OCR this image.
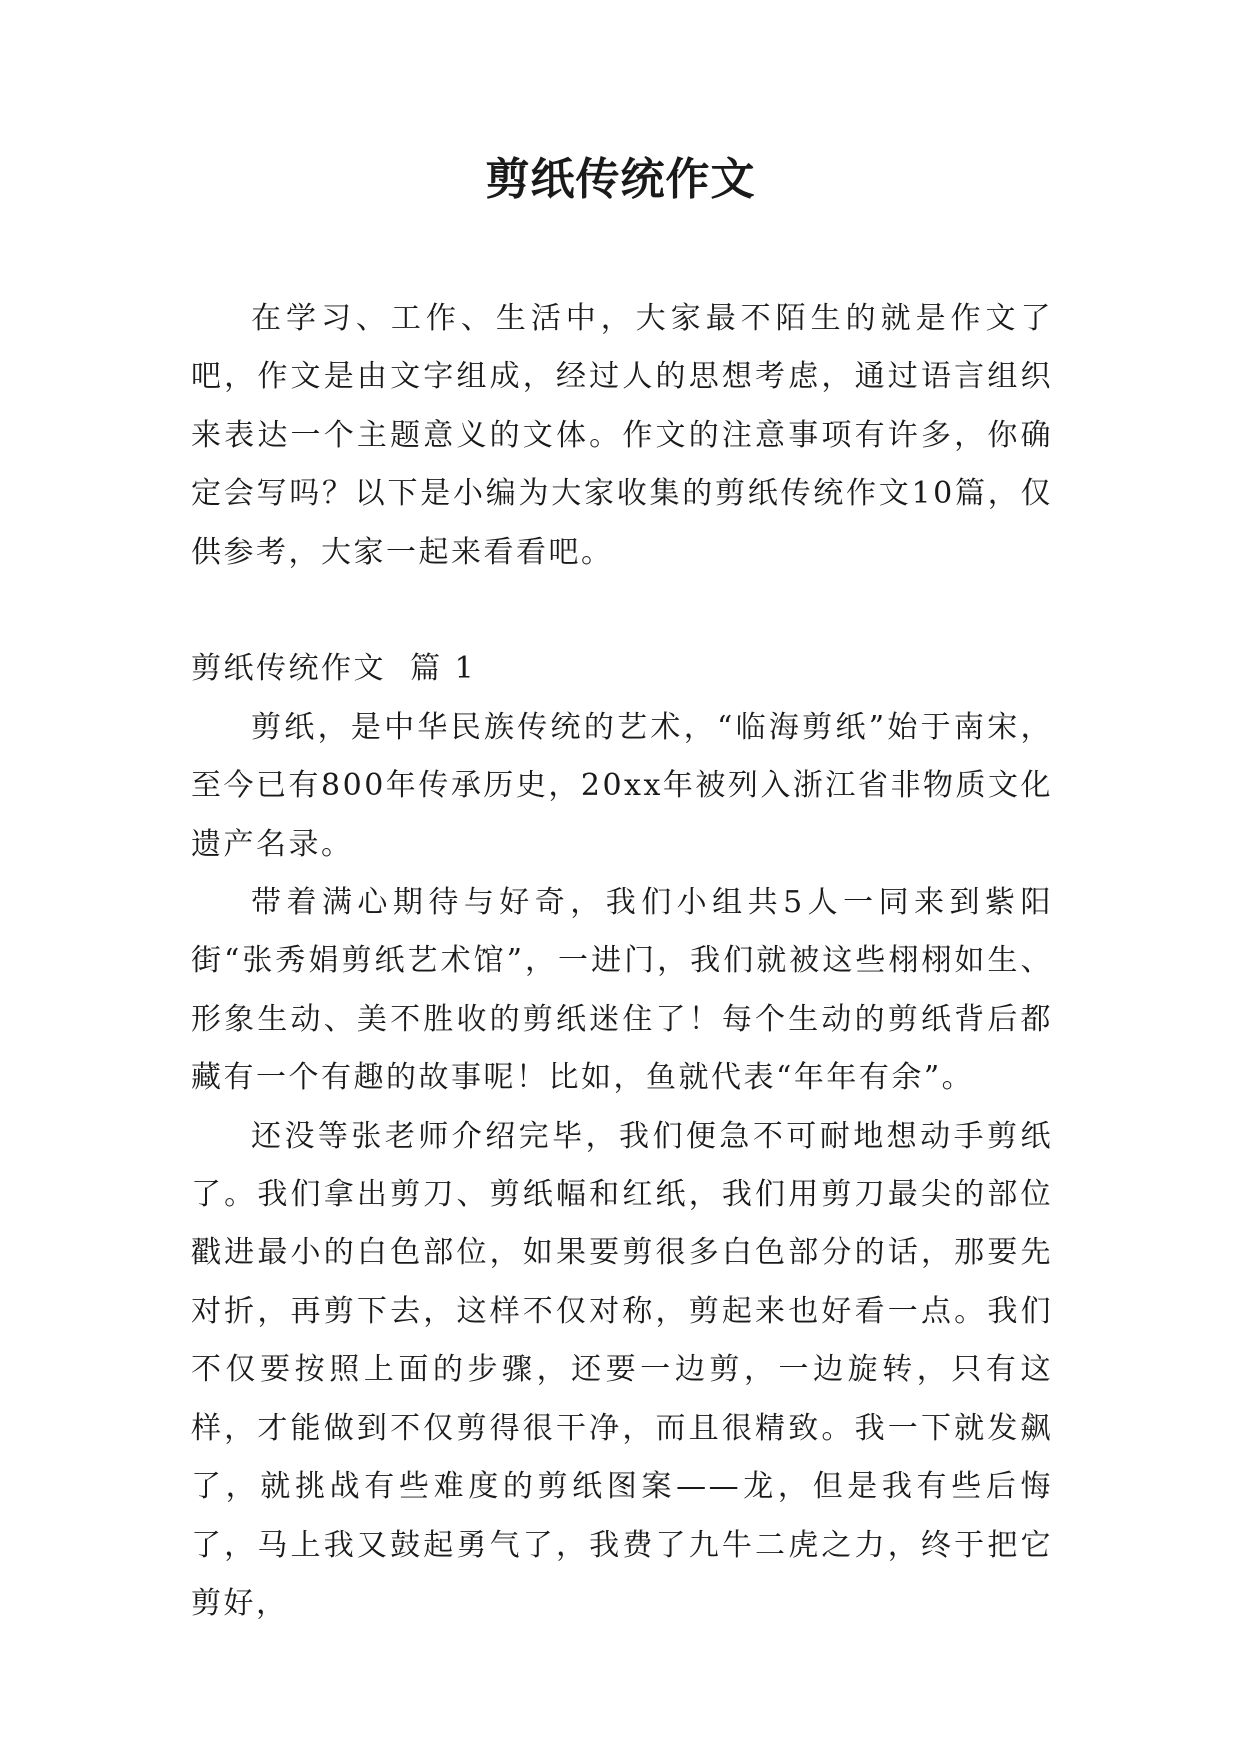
剪纸传统作文

在学习、工作、生活中，大家最不陌生的就是作文了吧，作文是由文字组成，经过人的思想考虑，通过语言组织来表达一个主题意义的文体。作文的注意事项有许多，你确定会写吗？以下是小编为大家收集的剪纸传统作文10篇，仅供参考，大家一起来看看吧。

剪纸传统作文  篇 1

剪纸，是中华民族传统的艺术，“临海剪纸”始于南宋，至今已有800年传承历史，20xx年被列入浙江省非物质文化遗产名录。

带着满心期待与好奇，我们小组共5人一同来到紫阳街“张秀娟剪纸艺术馆”，一进门，我们就被这些栩栩如生、形象生动、美不胜收的剪纸迷住了！每个生动的剪纸背后都藏有一个有趣的故事呢！比如，鱼就代表“年年有余”。

还没等张老师介绍完毕，我们便急不可耐地想动手剪纸了。我们拿出剪刀、剪纸幅和红纸，我们用剪刀最尖的部位戳进最小的白色部位，如果要剪很多白色部分的话，那要先对折，再剪下去，这样不仅对称，剪起来也好看一点。我们不仅要按照上面的步骤，还要一边剪，一边旋转，只有这样，才能做到不仅剪得很干净，而且很精致。我一下就发飙了，就挑战有些难度的剪纸图案——龙，但是我有些后悔了，马上我又鼓起勇气了，我费了九牛二虎之力，终于把它剪好，
